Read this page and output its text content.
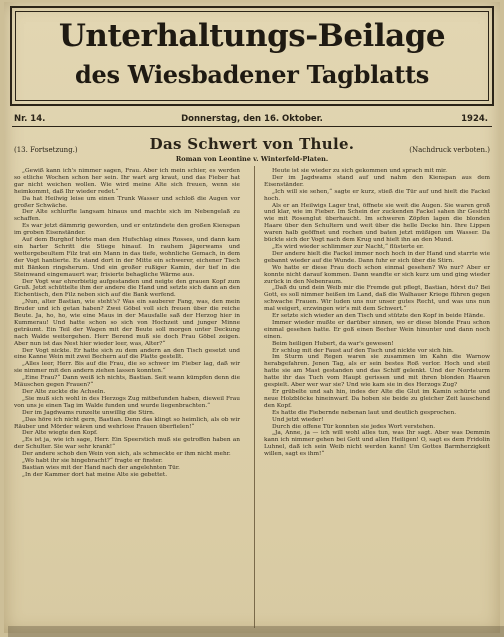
Unterhaltungs-Beilage
des Wiesbadener Tagblatts
Nr. 14.	Donnerstag, den 16. Oktober.	1924.
(13. Fortsetzung.)	Das Schwert von Thule.	(Nachdruck verboten.)
Roman von Leontine v. Winterfeld-Platen.

„Gewiß kann ich's nimmer sagen, Frau. Aber ich mein schier, es werden so etliche Wochen schon her sein. Ihr wart arg kraut, und das Fieber hat gar nicht weichen wollen. Wie wird meine Alte sich freuen, wenn sie heimkommt, daß Ihr wieder redet.“

Da hat Heilwig leise um einen Trunk Wasser und schloß die Augen vor großer Schwäche.

Der Alte schlurfte langsam hinaus und machte sich im Nebengelaß zu schaffen.

Es war jetzt dämmrig geworden, und er entzündete den großen Kienspan im groben Eisenständer.

Auf dem Burghof hörte man den Hufschlag eines Rosses, und dann kam ein harter Schritt die Stiege hinauf. In rauhem Jägerwams und wettergebeultem Filz trat ein Mann in das tiefe, wohnliche Gemach, in dem der Vogt hantierte. Es stand dort in der Mitte ein schwerer, eichener Tisch mit Bänken ringsherum. Und ein großer rußiger Kamin, der tief in die Steinwand eingemauert war, frisierte behagliche Wärme aus.

Der Vogt war ehrerbietig aufgestanden und neigte den grauen Kopf zum Gruß. Jetzt schüttelte ihm der andere die Hand und setzte sich dann an den Eichentisch, den Filz neben sich auf die Bank werfend.

„Nun, alter Bastian, wie steht's? Was ein sauberer Fang, was, den mein Bruder und ich getan haben? Zwei Göbel voll sich freuen über die reiche Beute. Ja, ho, ho, wie eine Maus in der Mausfalle saß der Herzog hier in Kummerau! Und hatte schon so sich von Hochzeit und junger Minne geträumt. Ein Teil der Wagen mit der Beute soll morgen unter Deckung nach Walde weitergehen. Herr Berend muß sie doch Frau Göbel zeigen. Aber nun ist das Nest hier wieder leer, was, Alter?“

Der Vogt nickte. Er hatte sich zu dem andern an den Tisch gesetzt und eine Kanne Wein mit zwei Bechern auf die Platte gestellt.

„Alles leer, Herr. Bis auf die Frau, die so schwer im Fieber lag, daß wir sie nimmer mit den andern ziehen lassen konnten.“

„Eine Frau?“ Dann weiß ich nichts, Bastian. Seit wann kümpfen denn die Mäuschen gegen Frauen?“

Der Alte zuckte die Achseln.

„Sie muß sich wohl in des Herzogs Zug mitbefunden haben, dieweil Frau von uns je einen Tag im Walde funden und wurde liegenbrachten.“

Der im Jagdwams runzelte unwillig die Stirn.

„Das höre ich nicht gern, Bastian. Denn das klingt so heimlich, als ob wir Räuber und Mörder wären und wehrlose Frauen überfielen!“

Der Alte wiegte den Kopf.

„Es ist ja, wie ich sage, Herr. Ein Speerstich muß sie getroffen haben an der Schulter. Sie war sehr krank!“

Der andere schob den Wein von sich, als schmeckte er ihm nicht mehr.

„Wo habt ihr sie hingebracht?“ fragte er finster.

Bastian wies mit der Hand nach der angelehnten Tür.

„In der Kammer dort hat meine Alte sie gebettet.

Heute ist sie wieder zu sich gekommen und sprach mit mir.

Der im Jagdwams stand auf und nahm den Kienspan aus dem Eisenständer.

„Ich will sie sehen,“ sagte er kurz, stieß die Tür auf und hielt die Fackel hoch.

Als er an Heilwigs Lager trat, öffnete sie weit die Augen. Sie waren groß und klar, wie im Fieber. Im Schein der zuckenden Fackel sahen ihr Gesicht wie mit Rosenglut überhaucht. Im schweren Zöpfen lagen die blonden Haare über den Schultern und weit über die helle Decke hin. Ihre Lippen waren halb geöffnet und rochen und baten jetzt müßigen um Wasser. Da bückte sich der Vogt nach dem Krug und hielt ihn an den Mund.

„Es wird wieder schlimmer zur Nacht,“ flüsterte er.

Der andere hielt die Fackel immer noch hoch in der Hand und starrte wie gebannt wieder auf die Wunde. Dann fuhr er sich über die Stirn.

Wo hatte er diese Frau doch schon einmal gesehen? Wo nur? Aber er konnte nicht darauf kommen. Dann wandte er sich kurz um und ging wieder zurück in den Nebenraum.

„Daß du und dein Weib mir die Fremde gut pflegt, Bastian, hörst du? Bei Gott, es soll nimmer heißen im Land, daß die Walhauer Kriege führen gegen schwache Frauen. Wir luden uns nur unser gutes Recht, und was uns nun mal weigert, erzwingen wir's mit dem Schwert.“

Er setzte sich wieder an den Tisch und stützte den Kopf in beide Hände.

Immer wieder mußte er darüber sinnen, wo er diese blonde Frau schon einmal gesehen hatte. Er goß einen Becher Wein hinunter und dann noch einen.

Beim heiligen Hubert, da war's gewesen!

Er schlug mit der Faust auf den Tisch und nickte vor sich hin.

Im Sturm und Regen waren sie zusammen im Kahn die Warnow herabgefahren. Jenen Tag, als er sein bestes Roß verlor. Hoch und steil hatte sie am Mast gestanden und das Schiff gelenkt. Und der Nordsturm hatte ihr das Tuch vom Haupt gerissen und mit ihren blonden Haaren gespielt. Aber wer war sie? Und wie kam sie in des Herzogs Zug?

Er grübelte und sah hin, indes der Alte die Glut im Kamin schürte und neue Holzblöcke hineinwarf. Da hoben sie beide zu gleicher Zeit lauschend den Kopf.

Es hatte die Fiebernde nebenan laut und deutlich gesprochen.

Und jetzt wieder!

Durch die offene Tür konnten sie jedes Wort verstehen.

„Ja, Anne, ja — ich will wohl alles tun, was Ihr sagt. Aber was Demmin kann ich nimmer gehen bei Gott und allen Heiligen! O, sagt es dem Fridolin Luhnel, daß ich sein Weib nicht werden kann! Um Gottes Barmherzigkeit willen, sagt es ihm!“
